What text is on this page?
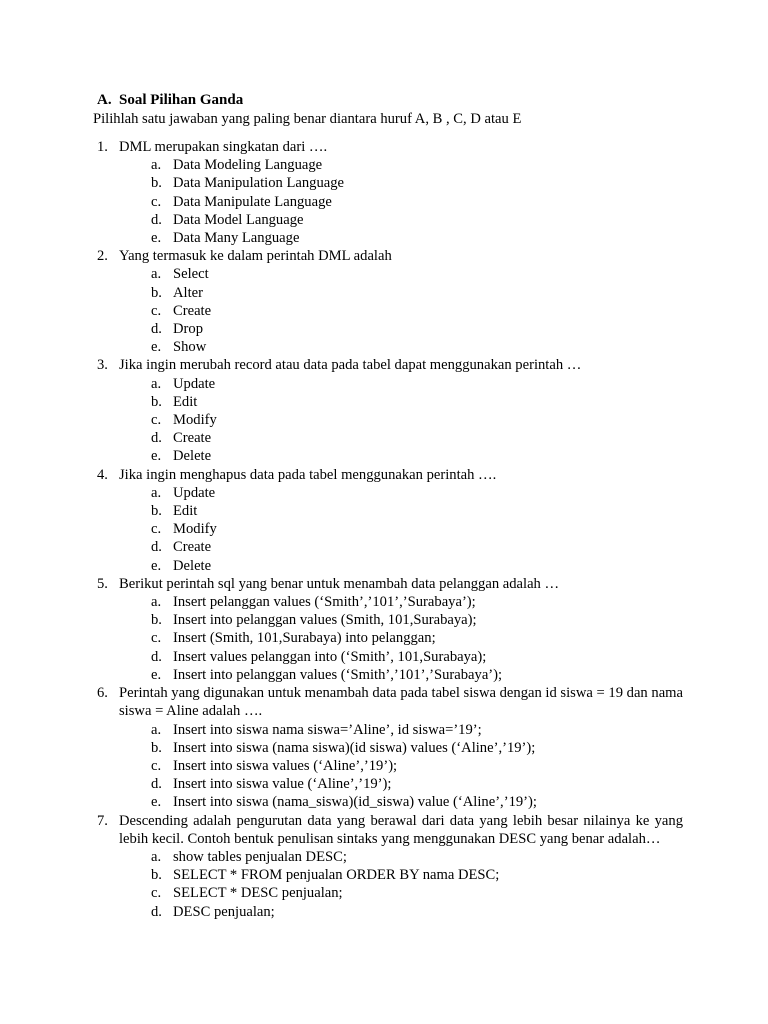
A. Soal Pilihan Ganda
Pilihlah satu jawaban yang paling benar diantara huruf A, B , C, D atau E
1. DML merupakan singkatan dari ….
a. Data Modeling Language
b. Data Manipulation Language
c. Data Manipulate Language
d. Data Model Language
e. Data Many Language
2. Yang termasuk ke dalam perintah DML adalah
a. Select
b. Alter
c. Create
d. Drop
e. Show
3. Jika ingin merubah record atau data pada tabel dapat menggunakan perintah …
a. Update
b. Edit
c. Modify
d. Create
e. Delete
4. Jika ingin menghapus data pada tabel menggunakan perintah ….
a. Update
b. Edit
c. Modify
d. Create
e. Delete
5. Berikut perintah sql yang benar untuk menambah data pelanggan adalah …
a. Insert pelanggan values (‘Smith’,’101’,’Surabaya’);
b. Insert into pelanggan values (Smith, 101,Surabaya);
c. Insert (Smith, 101,Surabaya) into pelanggan;
d. Insert values pelanggan into (‘Smith’, 101,Surabaya);
e. Insert into pelanggan values (‘Smith’,’101’,’Surabaya’);
6. Perintah yang digunakan untuk menambah data pada tabel siswa dengan id siswa = 19 dan nama siswa = Aline adalah ….
a. Insert into siswa nama siswa=’Aline’, id siswa=’19’;
b. Insert into siswa (nama siswa)(id siswa) values (‘Aline’,’19’);
c. Insert into siswa values (‘Aline’,’19’);
d. Insert into siswa value (‘Aline’,’19’);
e. Insert into siswa (nama_siswa)(id_siswa) value (‘Aline’,’19’);
7. Descending adalah pengurutan data yang berawal dari data yang lebih besar nilainya ke yang lebih kecil. Contoh bentuk penulisan sintaks yang menggunakan DESC yang benar adalah…
a. show tables penjualan DESC;
b. SELECT * FROM penjualan ORDER BY nama DESC;
c. SELECT * DESC penjualan;
d. DESC penjualan;
